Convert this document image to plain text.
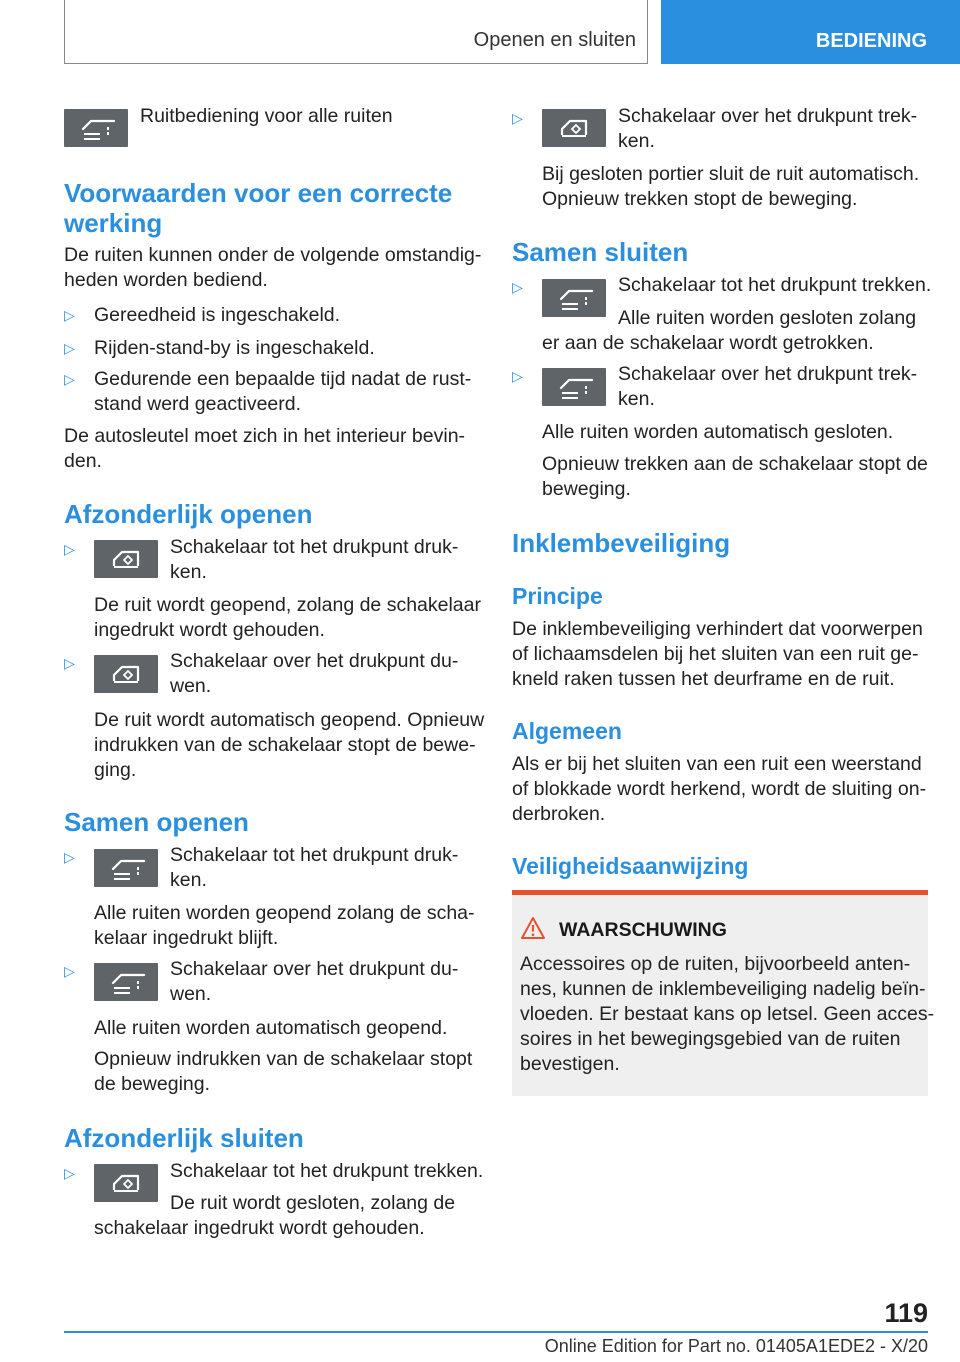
Openen en sluiten	BEDIENING
Ruitbediening voor alle ruiten
Voorwaarden voor een correcte
werking
De ruiten kunnen onder de volgende omstandig-
heden worden bediend.
▷ Gereedheid is ingeschakeld.
▷ Rijden-stand-by is ingeschakeld.
▷ Gedurende een bepaalde tijd nadat de rust-
stand werd geactiveerd.
De autosleutel moet zich in het interieur bevin-
den.
Afzonderlijk openen
▷	Schakelaar tot het drukpunt druk-
ken.
De ruit wordt geopend, zolang de schakelaar
ingedrukt wordt gehouden.
▷	Schakelaar over het drukpunt du-
wen.
De ruit wordt automatisch geopend. Opnieuw
indrukken van de schakelaar stopt de bewe-
ging.
Samen openen
▷	Schakelaar tot het drukpunt druk-
ken.
Alle ruiten worden geopend zolang de scha-
kelaar ingedrukt blijft.
▷	Schakelaar over het drukpunt du-
wen.
Alle ruiten worden automatisch geopend.
Opnieuw indrukken van de schakelaar stopt
de beweging.
Afzonderlijk sluiten
▷	Schakelaar tot het drukpunt trekken.
De ruit wordt gesloten, zolang de
schakelaar ingedrukt wordt gehouden.
▷	Schakelaar over het drukpunt trek-
ken.
Bij gesloten portier sluit de ruit automatisch.
Opnieuw trekken stopt de beweging.
Samen sluiten
▷	Schakelaar tot het drukpunt trekken.
Alle ruiten worden gesloten zolang
er aan de schakelaar wordt getrokken.
▷	Schakelaar over het drukpunt trek-
ken.
Alle ruiten worden automatisch gesloten.
Opnieuw trekken aan de schakelaar stopt de
beweging.
Inklembeveiliging
Principe
De inklembeveiliging verhindert dat voorwerpen
of lichaamsdelen bij het sluiten van een ruit ge-
kneld raken tussen het deurframe en de ruit.
Algemeen
Als er bij het sluiten van een ruit een weerstand
of blokkade wordt herkend, wordt de sluiting on-
derbroken.
Veiligheidsaanwijzing
WAARSCHUWING
Accessoires op de ruiten, bijvoorbeeld anten-
nes, kunnen de inklembeveiliging nadelig beïn-
vloeden. Er bestaat kans op letsel. Geen acces-
soires in het bewegingsgebied van de ruiten
bevestigen.
119
Online Edition for Part no. 01405A1EDE2 - X/20
